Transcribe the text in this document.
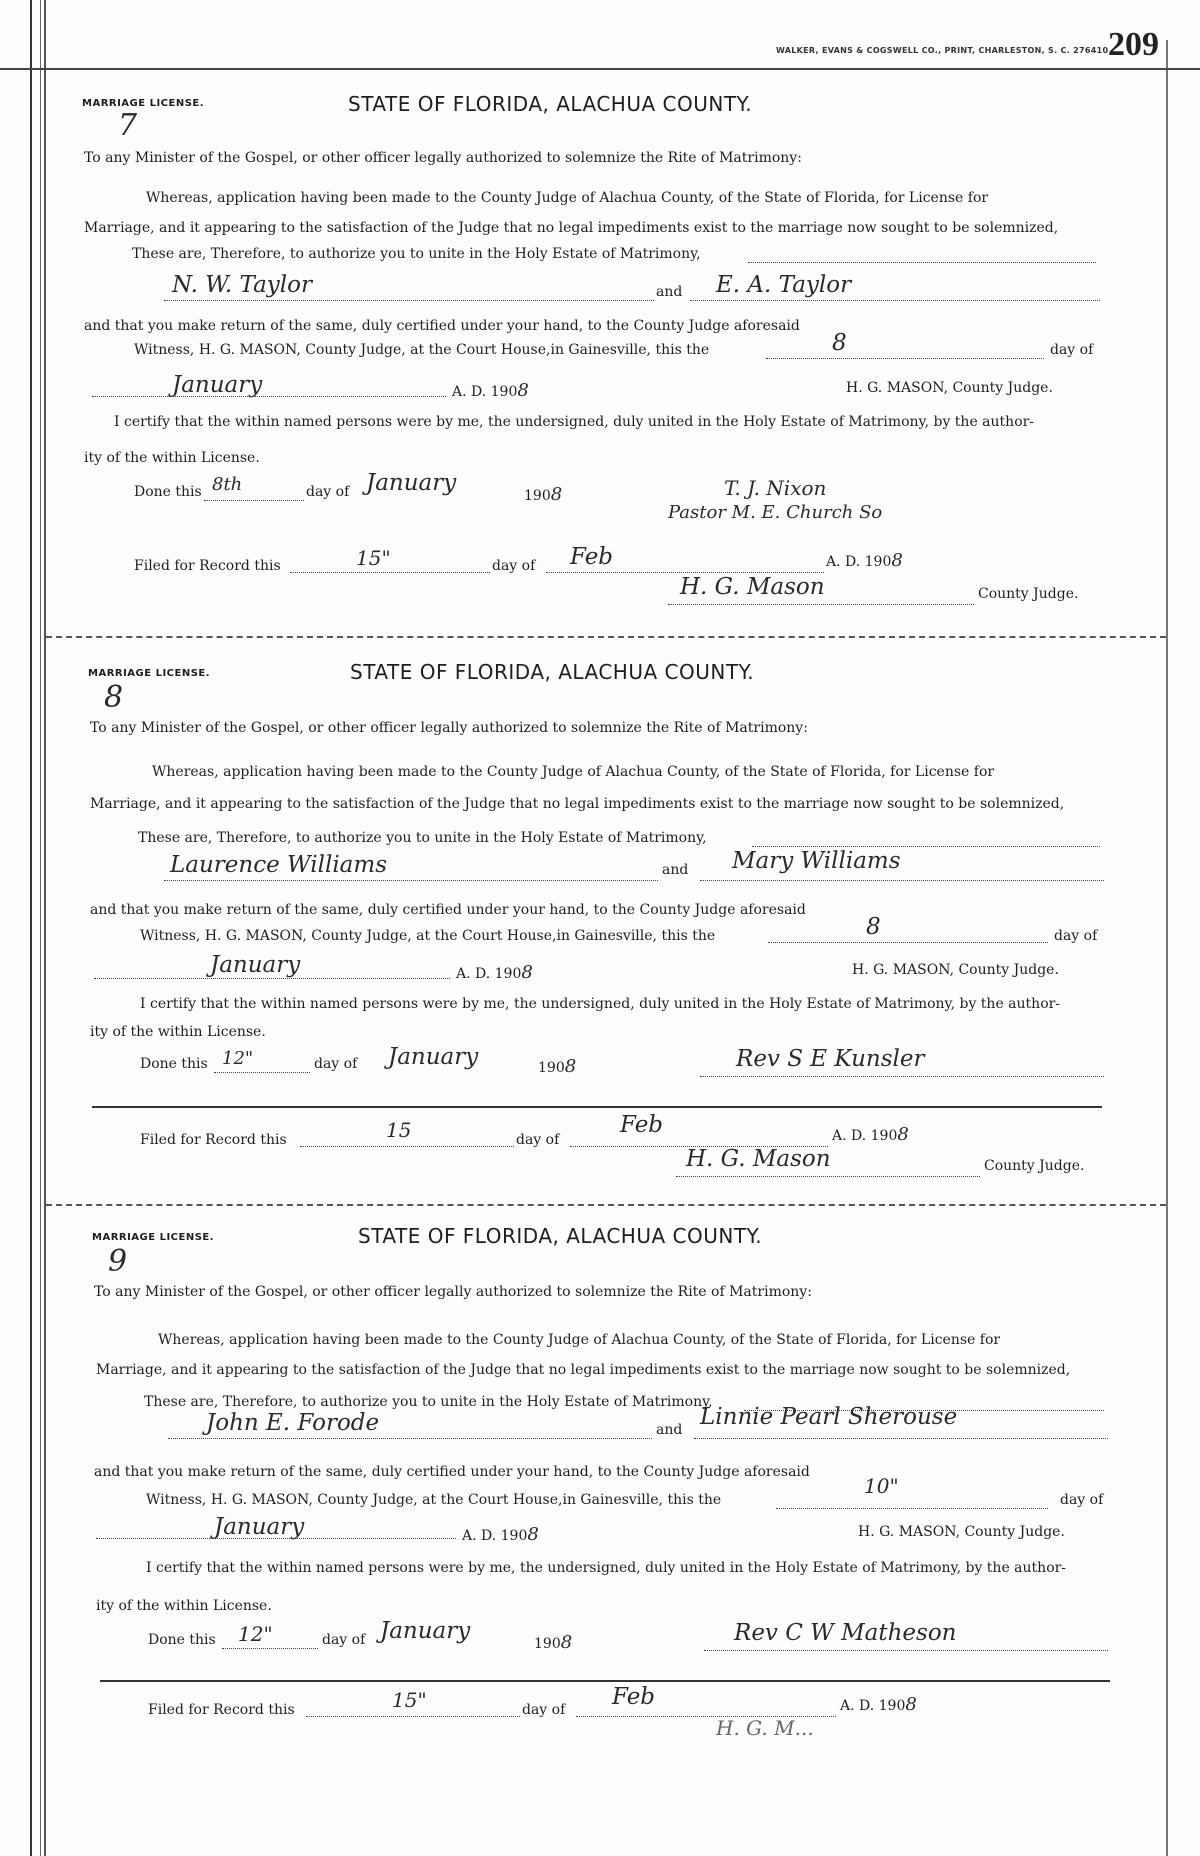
WALKER, EVANS & COGSWELL CO., PRINT, CHARLESTON, S. C. 276410 209
MARRIAGE LICENSE.
7
STATE OF FLORIDA, ALACHUA COUNTY.
To any Minister of the Gospel, or other officer legally authorized to solemnize the Rite of Matrimony:
Whereas, application having been made to the County Judge of Alachua County, of the State of Florida, for License for
Marriage, and it appearing to the satisfaction of the Judge that no legal impediments exist to the marriage now sought to be solemnized,
These are, Therefore, to authorize you to unite in the Holy Estate of Matrimony,
N. W. Taylor	and E. A. Taylor
and that you make return of the same, duly certified under your hand, to the County Judge aforesaid
Witness, H. G. MASON, County Judge, at the Court House,in Gainesville, this the	8	day of
January	A. D. 1908	H. G. MASON, County Judge.
I certify that the within named persons were by me, the undersigned, duly united in the Holy Estate of Matrimony, by the author-
ity of the within License.
Done this 8th	day of January	1908	T. J. Nixon
Pastor M. E. Church So
Filed for Record this	15"	day of Feb	A. D. 1908
H. G. Mason	County Judge.
MARRIAGE LICENSE.
8
STATE OF FLORIDA, ALACHUA COUNTY.
To any Minister of the Gospel, or other officer legally authorized to solemnize the Rite of Matrimony:
Whereas, application having been made to the County Judge of Alachua County, of the State of Florida, for License for
Marriage, and it appearing to the satisfaction of the Judge that no legal impediments exist to the marriage now sought to be solemnized,
These are, Therefore, to authorize you to unite in the Holy Estate of Matrimony,
Laurence Williams	and Mary Williams
and that you make return of the same, duly certified under your hand, to the County Judge aforesaid
Witness, H. G. MASON, County Judge, at the Court House,in Gainesville, this the	8	day of
January	A. D. 1908	H. G. MASON, County Judge.
I certify that the within named persons were by me, the undersigned, duly united in the Holy Estate of Matrimony, by the author-
ity of the within License.
Done this 12"	day of January	1908	Rev S E Kunsler
Filed for Record this	15	day of
Feb	A. D. 1908
H. G. Mason	County Judge.
MARRIAGE LICENSE.
9
STATE OF FLORIDA, ALACHUA COUNTY.
To any Minister of the Gospel, or other officer legally authorized to solemnize the Rite of Matrimony:
Whereas, application having been made to the County Judge of Alachua County, of the State of Florida, for License for
Marriage, and it appearing to the satisfaction of the Judge that no legal impediments exist to the marriage now sought to be solemnized,
These are, Therefore, to authorize you to unite in the Holy Estate of Matrimony,
John E. Forode	and Linnie Pearl Sherouse
and that you make return of the same, duly certified under your hand, to the County Judge aforesaid
Witness, H. G. MASON, County Judge, at the Court House,in Gainesville, this the
10"
day of
January	A. D. 1908	H. G. MASON, County Judge.
I certify that the within named persons were by me, the undersigned, duly united in the Holy Estate of Matrimony, by the author-
ity of the within License.
Done this 12"	day of January	1908	Rev C W Matheson
Filed for Record this	15"	day of Feb	A. D. 1908
H. G. M...
